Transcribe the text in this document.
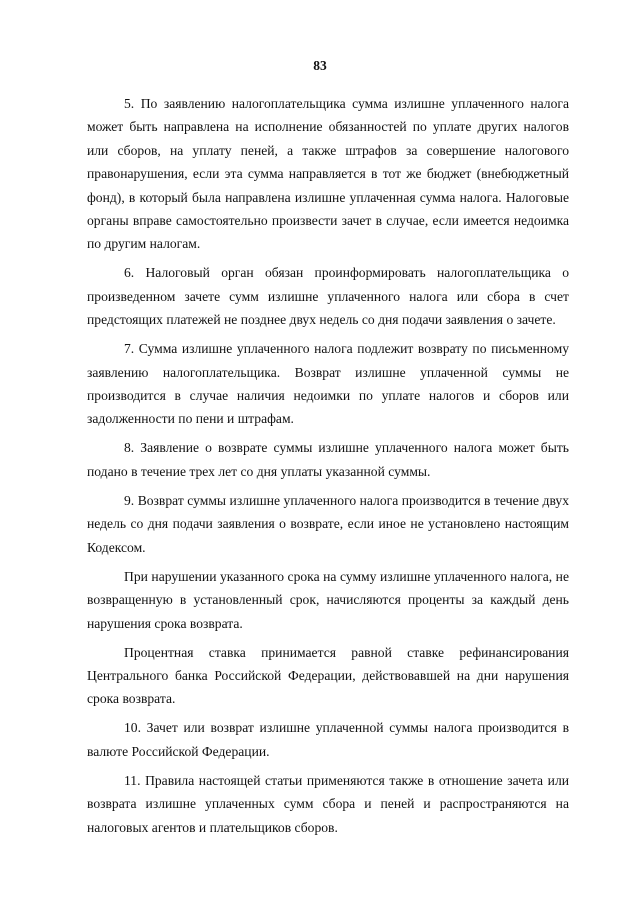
83

5. По заявлению налогоплательщика сумма излишне уплаченного налога может быть направлена на исполнение обязанностей по уплате других налогов или сборов, на уплату пеней, а также штрафов за совершение налогового правонарушения, если эта сумма направляется в тот же бюджет (внебюджетный фонд), в который была направлена излишне уплаченная сумма налога. Налоговые органы вправе самостоятельно произвести зачет в случае, если имеется недоимка по другим налогам.

6. Налоговый орган обязан проинформировать налогоплательщика о произведенном зачете сумм излишне уплаченного налога или сбора в счет предстоящих платежей не позднее двух недель со дня подачи заявления о зачете.

7. Сумма излишне уплаченного налога подлежит возврату по письменному заявлению налогоплательщика. Возврат излишне уплаченной суммы не производится в случае наличия недоимки по уплате налогов и сборов или задолженности по пени и штрафам.

8. Заявление о возврате суммы излишне уплаченного налога может быть подано в течение трех лет со дня уплаты указанной суммы.

9. Возврат суммы излишне уплаченного налога производится в течение двух недель со дня подачи заявления о возврате, если иное не установлено настоящим Кодексом.

При нарушении указанного срока на сумму излишне уплаченного налога, не возвращенную в установленный срок, начисляются проценты за каждый день нарушения срока возврата.

Процентная ставка принимается равной ставке рефинансирования Центрального банка Российской Федерации, действовавшей на дни нарушения срока возврата.

10. Зачет или возврат излишне уплаченной суммы налога производится в валюте Российской Федерации.

11. Правила настоящей статьи применяются также в отношение зачета или возврата излишне уплаченных сумм сбора и пеней и распространяются на налоговых агентов и плательщиков сборов.
